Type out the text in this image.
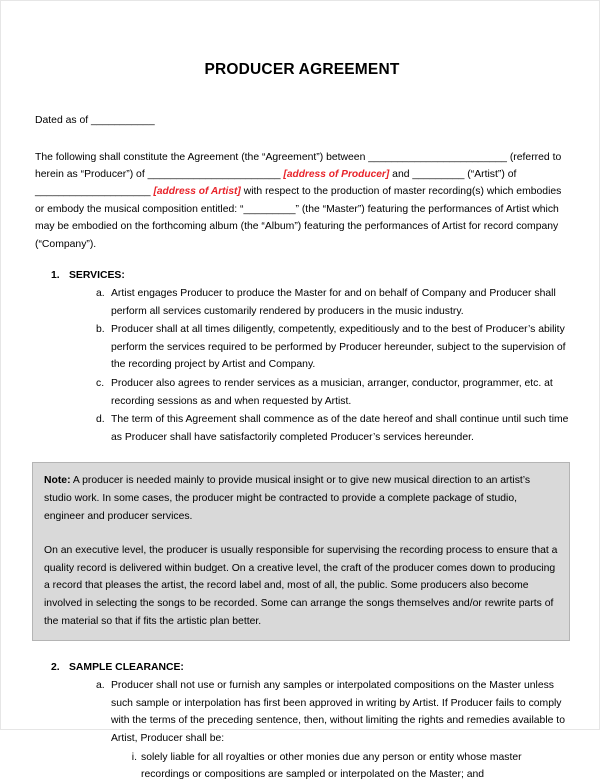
PRODUCER AGREEMENT
Dated as of ___________

The following shall constitute the Agreement (the “Agreement”) between ________________________ (referred to herein as “Producer”) of _______________________ [address of Producer] and _________ (“Artist”) of ____________________ [address of Artist] with respect to the production of master recording(s) which embodies or embody the musical composition entitled: “_________” (the “Master”) featuring the performances of Artist which may be embodied on the forthcoming album (the “Album”) featuring the performances of Artist for record company (“Company”).

1. SERVICES:
a. Artist engages Producer to produce the Master for and on behalf of Company and Producer shall perform all services customarily rendered by producers in the music industry.
b. Producer shall at all times diligently, competently, expeditiously and to the best of Producer’s ability perform the services required to be performed by Producer hereunder, subject to the supervision of the recording project by Artist and Company.
c. Producer also agrees to render services as a musician, arranger, conductor, programmer, etc. at recording sessions as and when requested by Artist.
d. The term of this Agreement shall commence as of the date hereof and shall continue until such time as Producer shall have satisfactorily completed Producer’s services hereunder.

Note: A producer is needed mainly to provide musical insight or to give new musical direction to an artist’s studio work. In some cases, the producer might be contracted to provide a complete package of studio, engineer and producer services.

On an executive level, the producer is usually responsible for supervising the recording process to ensure that a quality record is delivered within budget. On a creative level, the craft of the producer comes down to producing a record that pleases the artist, the record label and, most of all, the public. Some producers also become involved in selecting the songs to be recorded. Some can arrange the songs themselves and/or rewrite parts of the material so that if fits the artistic plan better.

2. SAMPLE CLEARANCE:
a. Producer shall not use or furnish any samples or interpolated compositions on the Master unless such sample or interpolation has first been approved in writing by Artist. If Producer fails to comply with the terms of the preceding sentence, then, without limiting the rights and remedies available to Artist, Producer shall be:
i. solely liable for all royalties or other monies due any person or entity whose master recordings or compositions are sampled or interpolated on the Master; and
